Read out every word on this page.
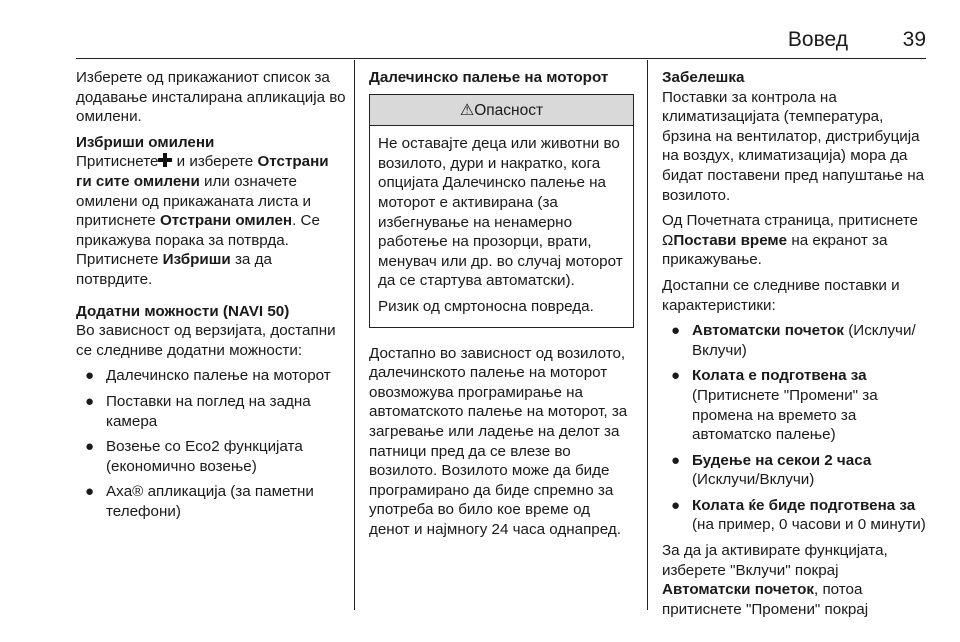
Вовед	39

Изберете од прикажаниот список за додавање инсталирана апликација во омилени.

Избриши омилени

Притиснете и изберете Отстрани ги сите омилени или означете омилени од прикажаната листа и притиснете Отстрани омилен. Се прикажува порака за потврда. Притиснете Избриши за да потврдите.

Додатни можности (NAVI 50)

Во зависност од верзијата, достапни се следниве додатни можности:

● Далечинско палење на моторот
● Поставки на поглед на задна камера
● Возење со Eco2 функцијата (економично возење)
● Axa® апликација (за паметни телефони)
Далечинско палење на моторот
⚠Опасност

Не оставајте деца или животни во возилото, дури и накратко, кога опцијата Далечинско палење на моторот е активирана (за избегнување на ненамерно работење на прозорци, врати, менувач или др. во случај моторот да се стартува автоматски).

Ризик од смртоносна повреда.

Достапно во зависност од возилото, далечинското палење на моторот овозможува програмирање на автоматското палење на моторот, за загревање или ладење на делот за патници пред да се влезе во возилото. Возилото може да биде програмирано да биде спремно за употреба во било кое време од денот и најмногу 24 часа однапред.

Забелешка

Поставки за контрола на климатизацијата (температура, брзина на вентилатор, дистрибуција на воздух, климатизација) мора да бидат поставени пред напуштање на возилото.

Од Почетната страница, притиснете ΩПостави време на екранот за прикажување.

Достапни се следниве поставки и карактеристики:

● Автоматски почеток (Исклучи/ Вклучи)
● Колата е подготвена за (Притиснете "Промени" за промена на времето за автоматско палење)
● Будење на секои 2 часа (Исклучи/Вклучи)
● Колата ќе биде подготвена за (на пример, 0 часови и 0 минути)

За да ја активирате функцијата, изберете "Вклучи" покрај Автоматски почеток, потоа притиснете "Промени" покрај
